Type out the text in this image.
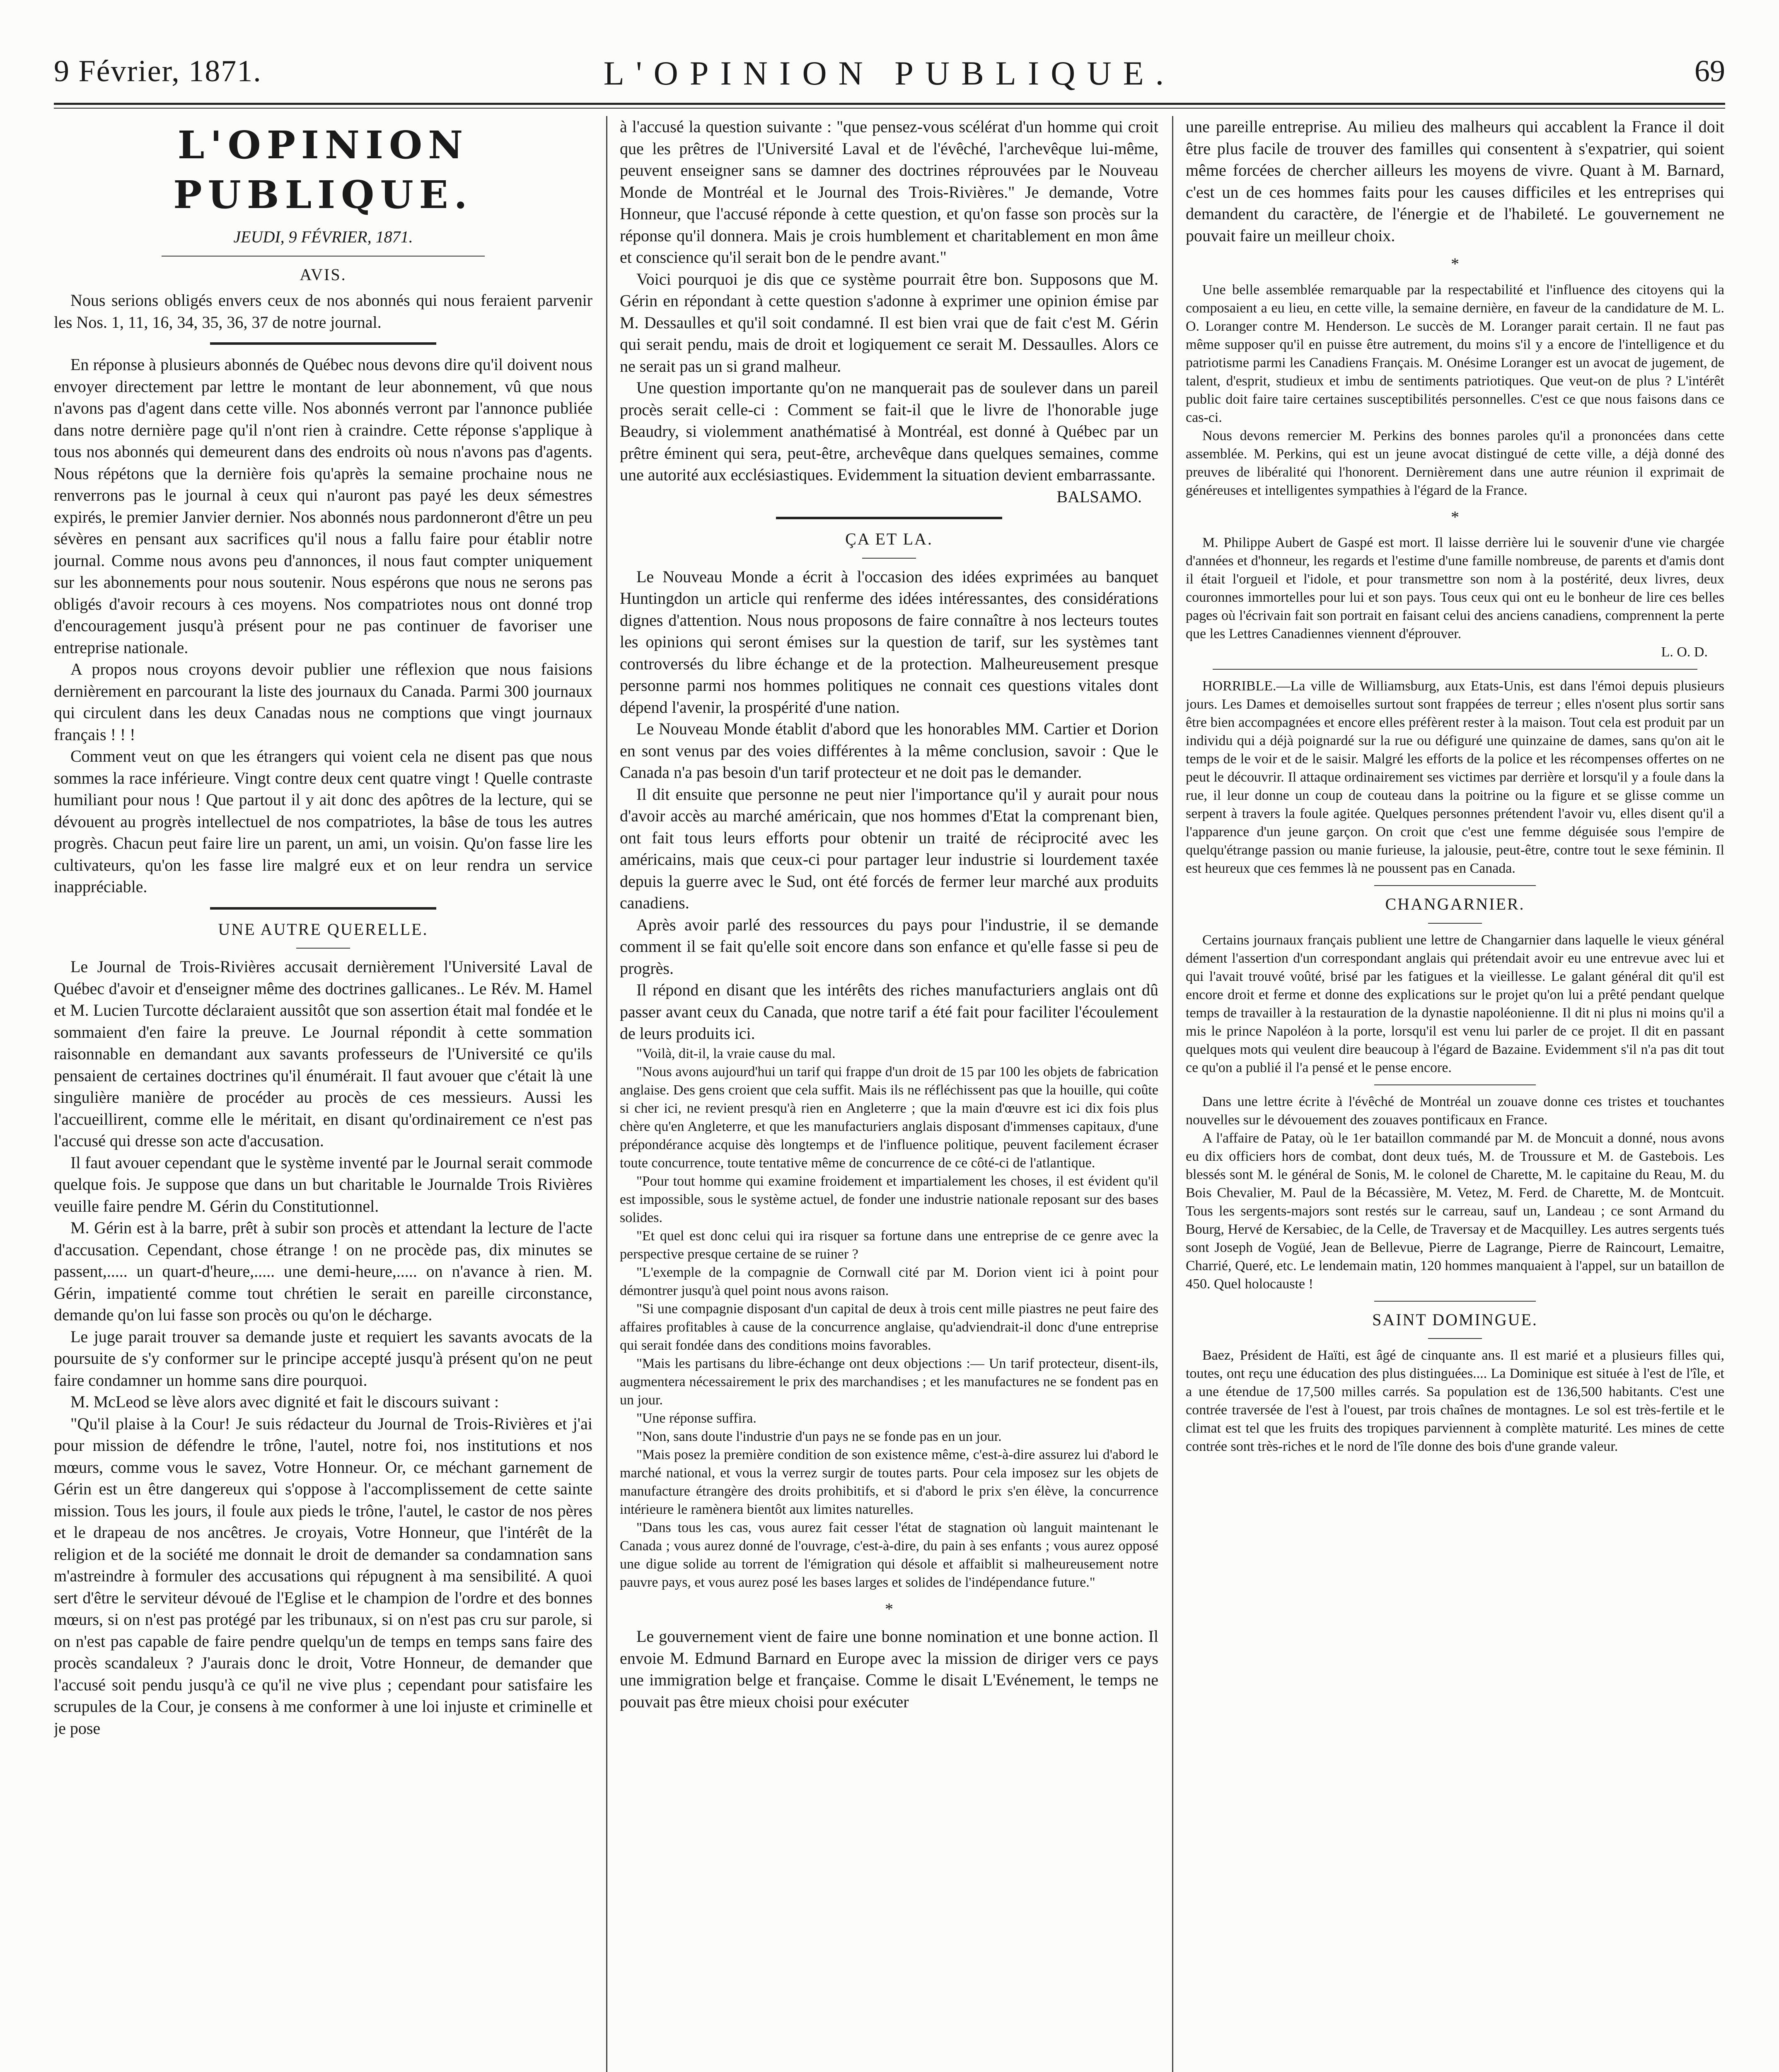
9 Février, 1871.	L'OPINION PUBLIQUE.	69
L'OPINION PUBLIQUE.
JEUDI, 9 FÉVRIER, 1871.
AVIS.

Nous serions obligés envers ceux de nos abonnés qui nous feraient parvenir les Nos. 1, 11, 16, 34, 35, 36, 37 de notre journal.

En réponse à plusieurs abonnés de Québec nous devons dire qu'il doivent nous envoyer directement par lettre le montant de leur abonnement, vû que nous n'avons pas d'agent dans cette ville. Nos abonnés verront par l'annonce publiée dans notre dernière page qu'il n'ont rien à craindre. Cette réponse s'applique à tous nos abonnés qui demeurent dans des endroits où nous n'avons pas d'agents. Nous répétons que la dernière fois qu'après la semaine prochaine nous ne renverrons pas le journal à ceux qui n'auront pas payé les deux sémestres expirés, le premier Janvier dernier. Nos abonnés nous pardonneront d'être un peu sévères en pensant aux sacrifices qu'il nous a fallu faire pour établir notre journal. Comme nous avons peu d'annonces, il nous faut compter uniquement sur les abonnements pour nous soutenir. Nous espérons que nous ne serons pas obligés d'avoir recours à ces moyens. Nos compatriotes nous ont donné trop d'encouragement jusqu'à présent pour ne pas continuer de favoriser une entreprise nationale.

A propos nous croyons devoir publier une réflexion que nous faisions dernièrement en parcourant la liste des journaux du Canada. Parmi 300 journaux qui circulent dans les deux Canadas nous ne comptions que vingt journaux français ! ! !

Comment veut on que les étrangers qui voient cela ne disent pas que nous sommes la race inférieure. Vingt contre deux cent quatre vingt ! Quelle contraste humiliant pour nous ! Que partout il y ait donc des apôtres de la lecture, qui se dévouent au progrès intellectuel de nos compatriotes, la bâse de tous les autres progrès. Chacun peut faire lire un parent, un ami, un voisin. Qu'on fasse lire les cultivateurs, qu'on les fasse lire malgré eux et on leur rendra un service inappréciable.

UNE AUTRE QUERELLE.

Le Journal de Trois-Rivières accusait dernièrement l'Université Laval de Québec d'avoir et d'enseigner même des doctrines gallicanes.. Le Rév. M. Hamel et M. Lucien Turcotte déclaraient aussitôt que son assertion était mal fondée et le sommaient d'en faire la preuve. Le Journal répondit à cette sommation raisonnable en demandant aux savants professeurs de l'Université ce qu'ils pensaient de certaines doctrines qu'il énumérait. Il faut avouer que c'était là une singulière manière de procéder au procès de ces messieurs. Aussi les l'accueillirent, comme elle le méritait, en disant qu'ordinairement ce n'est pas l'accusé qui dresse son acte d'accusation.

Il faut avouer cependant que le système inventé par le Journal serait commode quelque fois. Je suppose que dans un but charitable le Journalde Trois Rivières veuille faire pendre M. Gérin du Constitutionnel.

M. Gérin est à la barre, prêt à subir son procès et attendant la lecture de l'acte d'accusation. Cependant, chose étrange ! on ne procède pas, dix minutes se passent,..... un quart-d'heure,..... une demi-heure,..... on n'avance à rien. M. Gérin, impatienté comme tout chrétien le serait en pareille circonstance, demande qu'on lui fasse son procès ou qu'on le décharge.

Le juge parait trouver sa demande juste et requiert les savants avocats de la poursuite de s'y conformer sur le principe accepté jusqu'à présent qu'on ne peut faire condamner un homme sans dire pourquoi.

M. McLeod se lève alors avec dignité et fait le discours suivant :

"Qu'il plaise à la Cour! Je suis rédacteur du Journal de Trois-Rivières et j'ai pour mission de défendre le trône, l'autel, notre foi, nos institutions et nos mœurs, comme vous le savez, Votre Honneur. Or, ce méchant garnement de Gérin est un être dangereux qui s'oppose à l'accomplissement de cette sainte mission. Tous les jours, il foule aux pieds le trône, l'autel, le castor de nos pères et le drapeau de nos ancêtres. Je croyais, Votre Honneur, que l'intérêt de la religion et de la société me donnait le droit de demander sa condamnation sans m'astreindre à formuler des accusations qui répugnent à ma sensibilité. A quoi sert d'être le serviteur dévoué de l'Eglise et le champion de l'ordre et des bonnes mœurs, si on n'est pas protégé par les tribunaux, si on n'est pas cru sur parole, si on n'est pas capable de faire pendre quelqu'un de temps en temps sans faire des procès scandaleux ? J'aurais donc le droit, Votre Honneur, de demander que l'accusé soit pendu jusqu'à ce qu'il ne vive plus ; cependant pour satisfaire les scrupules de la Cour, je consens à me conformer à une loi injuste et criminelle et je pose

à l'accusé la question suivante : "que pensez-vous scélérat d'un homme qui croit que les prêtres de l'Université Laval et de l'évêché, l'archevêque lui-même, peuvent enseigner sans se damner des doctrines réprouvées par le Nouveau Monde de Montréal et le Journal des Trois-Rivières." Je demande, Votre Honneur, que l'accusé réponde à cette question, et qu'on fasse son procès sur la réponse qu'il donnera. Mais je crois humblement et charitablement en mon âme et conscience qu'il serait bon de le pendre avant."

Voici pourquoi je dis que ce système pourrait être bon. Supposons que M. Gérin en répondant à cette question s'adonne à exprimer une opinion émise par M. Dessaulles et qu'il soit condamné. Il est bien vrai que de fait c'est M. Gérin qui serait pendu, mais de droit et logiquement ce serait M. Dessaulles. Alors ce ne serait pas un si grand malheur.

Une question importante qu'on ne manquerait pas de soulever dans un pareil procès serait celle-ci : Comment se fait-il que le livre de l'honorable juge Beaudry, si violemment anathématisé à Montréal, est donné à Québec par un prêtre éminent qui sera, peut-être, archevêque dans quelques semaines, comme une autorité aux ecclésiastiques. Evidemment la situation devient embarrassante.

BALSAMO.

ÇA ET LA.

Le Nouveau Monde a écrit à l'occasion des idées exprimées au banquet Huntingdon un article qui renferme des idées intéressantes, des considérations dignes d'attention. Nous nous proposons de faire connaître à nos lecteurs toutes les opinions qui seront émises sur la question de tarif, sur les systèmes tant controversés du libre échange et de la protection. Malheureusement presque personne parmi nos hommes politiques ne connait ces questions vitales dont dépend l'avenir, la prospérité d'une nation.

Le Nouveau Monde établit d'abord que les honorables MM. Cartier et Dorion en sont venus par des voies différentes à la même conclusion, savoir : Que le Canada n'a pas besoin d'un tarif protecteur et ne doit pas le demander.

Il dit ensuite que personne ne peut nier l'importance qu'il y aurait pour nous d'avoir accès au marché américain, que nos hommes d'Etat la comprenant bien, ont fait tous leurs efforts pour obtenir un traité de réciprocité avec les américains, mais que ceux-ci pour partager leur industrie si lourdement taxée depuis la guerre avec le Sud, ont été forcés de fermer leur marché aux produits canadiens.

Après avoir parlé des ressources du pays pour l'industrie, il se demande comment il se fait qu'elle soit encore dans son enfance et qu'elle fasse si peu de progrès.

Il répond en disant que les intérêts des riches manufacturiers anglais ont dû passer avant ceux du Canada, que notre tarif a été fait pour faciliter l'écoulement de leurs produits ici.

"Voilà, dit-il, la vraie cause du mal.

"Nous avons aujourd'hui un tarif qui frappe d'un droit de 15 par 100 les objets de fabrication anglaise. Des gens croient que cela suffit. Mais ils ne réfléchissent pas que la houille, qui coûte si cher ici, ne revient presqu'à rien en Angleterre ; que la main d'œuvre est ici dix fois plus chère qu'en Angleterre, et que les manufacturiers anglais disposant d'immenses capitaux, d'une prépondérance acquise dès longtemps et de l'influence politique, peuvent facilement écraser toute concurrence, toute tentative même de concurrence de ce côté-ci de l'atlantique.

"Pour tout homme qui examine froidement et impartialement les choses, il est évident qu'il est impossible, sous le système actuel, de fonder une industrie nationale reposant sur des bases solides.

"Et quel est donc celui qui ira risquer sa fortune dans une entreprise de ce genre avec la perspective presque certaine de se ruiner ?

"L'exemple de la compagnie de Cornwall cité par M. Dorion vient ici à point pour démontrer jusqu'à quel point nous avons raison.

"Si une compagnie disposant d'un capital de deux à trois cent mille piastres ne peut faire des affaires profitables à cause de la concurrence anglaise, qu'adviendrait-il donc d'une entreprise qui serait fondée dans des conditions moins favorables.

"Mais les partisans du libre-échange ont deux objections :— Un tarif protecteur, disent-ils, augmentera nécessairement le prix des marchandises ; et les manufactures ne se fondent pas en un jour.

"Une réponse suffira.

"Non, sans doute l'industrie d'un pays ne se fonde pas en un jour.

"Mais posez la première condition de son existence même, c'est-à-dire assurez lui d'abord le marché national, et vous la verrez surgir de toutes parts. Pour cela imposez sur les objets de manufacture étrangère des droits prohibitifs, et si d'abord le prix s'en élève, la concurrence intérieure le ramènera bientôt aux limites naturelles.

"Dans tous les cas, vous aurez fait cesser l'état de stagnation où languit maintenant le Canada ; vous aurez donné de l'ouvrage, c'est-à-dire, du pain à ses enfants ; vous aurez opposé une digue solide au torrent de l'émigration qui désole et affaiblit si malheureusement notre pauvre pays, et vous aurez posé les bases larges et solides de l'indépendance future."

*

Le gouvernement vient de faire une bonne nomination et une bonne action. Il envoie M. Edmund Barnard en Europe avec la mission de diriger vers ce pays une immigration belge et française. Comme le disait L'Evénement, le temps ne pouvait pas être mieux choisi pour exécuter

une pareille entreprise. Au milieu des malheurs qui accablent la France il doit être plus facile de trouver des familles qui consentent à s'expatrier, qui soient même forcées de chercher ailleurs les moyens de vivre. Quant à M. Barnard, c'est un de ces hommes faits pour les causes difficiles et les entreprises qui demandent du caractère, de l'énergie et de l'habileté. Le gouvernement ne pouvait faire un meilleur choix.

*

Une belle assemblée remarquable par la respectabilité et l'influence des citoyens qui la composaient a eu lieu, en cette ville, la semaine dernière, en faveur de la candidature de M. L. O. Loranger contre M. Henderson. Le succès de M. Loranger parait certain. Il ne faut pas même supposer qu'il en puisse être autrement, du moins s'il y a encore de l'intelligence et du patriotisme parmi les Canadiens Français. M. Onésime Loranger est un avocat de jugement, de talent, d'esprit, studieux et imbu de sentiments patriotiques. Que veut-on de plus ? L'intérêt public doit faire taire certaines susceptibilités personnelles. C'est ce que nous faisons dans ce cas-ci.

Nous devons remercier M. Perkins des bonnes paroles qu'il a prononcées dans cette assemblée. M. Perkins, qui est un jeune avocat distingué de cette ville, a déjà donné des preuves de libéralité qui l'honorent. Dernièrement dans une autre réunion il exprimait de généreuses et intelligentes sympathies à l'égard de la France.

*

M. Philippe Aubert de Gaspé est mort. Il laisse derrière lui le souvenir d'une vie chargée d'années et d'honneur, les regards et l'estime d'une famille nombreuse, de parents et d'amis dont il était l'orgueil et l'idole, et pour transmettre son nom à la postérité, deux livres, deux couronnes immortelles pour lui et son pays. Tous ceux qui ont eu le bonheur de lire ces belles pages où l'écrivain fait son portrait en faisant celui des anciens canadiens, comprennent la perte que les Lettres Canadiennes viennent d'éprouver.

L. O. D.

HORRIBLE.—La ville de Williamsburg, aux Etats-Unis, est dans l'émoi depuis plusieurs jours. Les Dames et demoiselles surtout sont frappées de terreur ; elles n'osent plus sortir sans être bien accompagnées et encore elles préfèrent rester à la maison. Tout cela est produit par un individu qui a déjà poignardé sur la rue ou défiguré une quinzaine de dames, sans qu'on ait le temps de le voir et de le saisir. Malgré les efforts de la police et les récompenses offertes on ne peut le découvrir. Il attaque ordinairement ses victimes par derrière et lorsqu'il y a foule dans la rue, il leur donne un coup de couteau dans la poitrine ou la figure et se glisse comme un serpent à travers la foule agitée. Quelques personnes prétendent l'avoir vu, elles disent qu'il a l'apparence d'un jeune garçon. On croit que c'est une femme déguisée sous l'empire de quelqu'étrange passion ou manie furieuse, la jalousie, peut-être, contre tout le sexe féminin. Il est heureux que ces femmes là ne poussent pas en Canada.

CHANGARNIER.

Certains journaux français publient une lettre de Changarnier dans laquelle le vieux général dément l'assertion d'un correspondant anglais qui prétendait avoir eu une entrevue avec lui et qui l'avait trouvé voûté, brisé par les fatigues et la vieillesse. Le galant général dit qu'il est encore droit et ferme et donne des explications sur le projet qu'on lui a prêté pendant quelque temps de travailler à la restauration de la dynastie napoléonienne. Il dit ni plus ni moins qu'il a mis le prince Napoléon à la porte, lorsqu'il est venu lui parler de ce projet. Il dit en passant quelques mots qui veulent dire beaucoup à l'égard de Bazaine. Evidemment s'il n'a pas dit tout ce qu'on a publié il l'a pensé et le pense encore.

Dans une lettre écrite à l'évêché de Montréal un zouave donne ces tristes et touchantes nouvelles sur le dévouement des zouaves pontificaux en France.

A l'affaire de Patay, où le 1er bataillon commandé par M. de Moncuit a donné, nous avons eu dix officiers hors de combat, dont deux tués, M. de Troussure et M. de Gastebois. Les blessés sont M. le général de Sonis, M. le colonel de Charette, M. le capitaine du Reau, M. du Bois Chevalier, M. Paul de la Bécassière, M. Vetez, M. Ferd. de Charette, M. de Montcuit. Tous les sergents-majors sont restés sur le carreau, sauf un, Landeau ; ce sont Armand du Bourg, Hervé de Kersabiec, de la Celle, de Traversay et de Macquilley. Les autres sergents tués sont Joseph de Vogüé, Jean de Bellevue, Pierre de Lagrange, Pierre de Raincourt, Lemaitre, Charrié, Queré, etc. Le lendemain matin, 120 hommes manquaient à l'appel, sur un bataillon de 450. Quel holocauste !

SAINT DOMINGUE.

Baez, Président de Haïti, est âgé de cinquante ans. Il est marié et a plusieurs filles qui, toutes, ont reçu une éducation des plus distinguées.... La Dominique est située à l'est de l'île, et a une étendue de 17,500 milles carrés. Sa population est de 136,500 habitants. C'est une contrée traversée de l'est à l'ouest, par trois chaînes de montagnes. Le sol est très-fertile et le climat est tel que les fruits des tropiques parviennent à complète maturité. Les mines de cette contrée sont très-riches et le nord de l'île donne des bois d'une grande valeur.
